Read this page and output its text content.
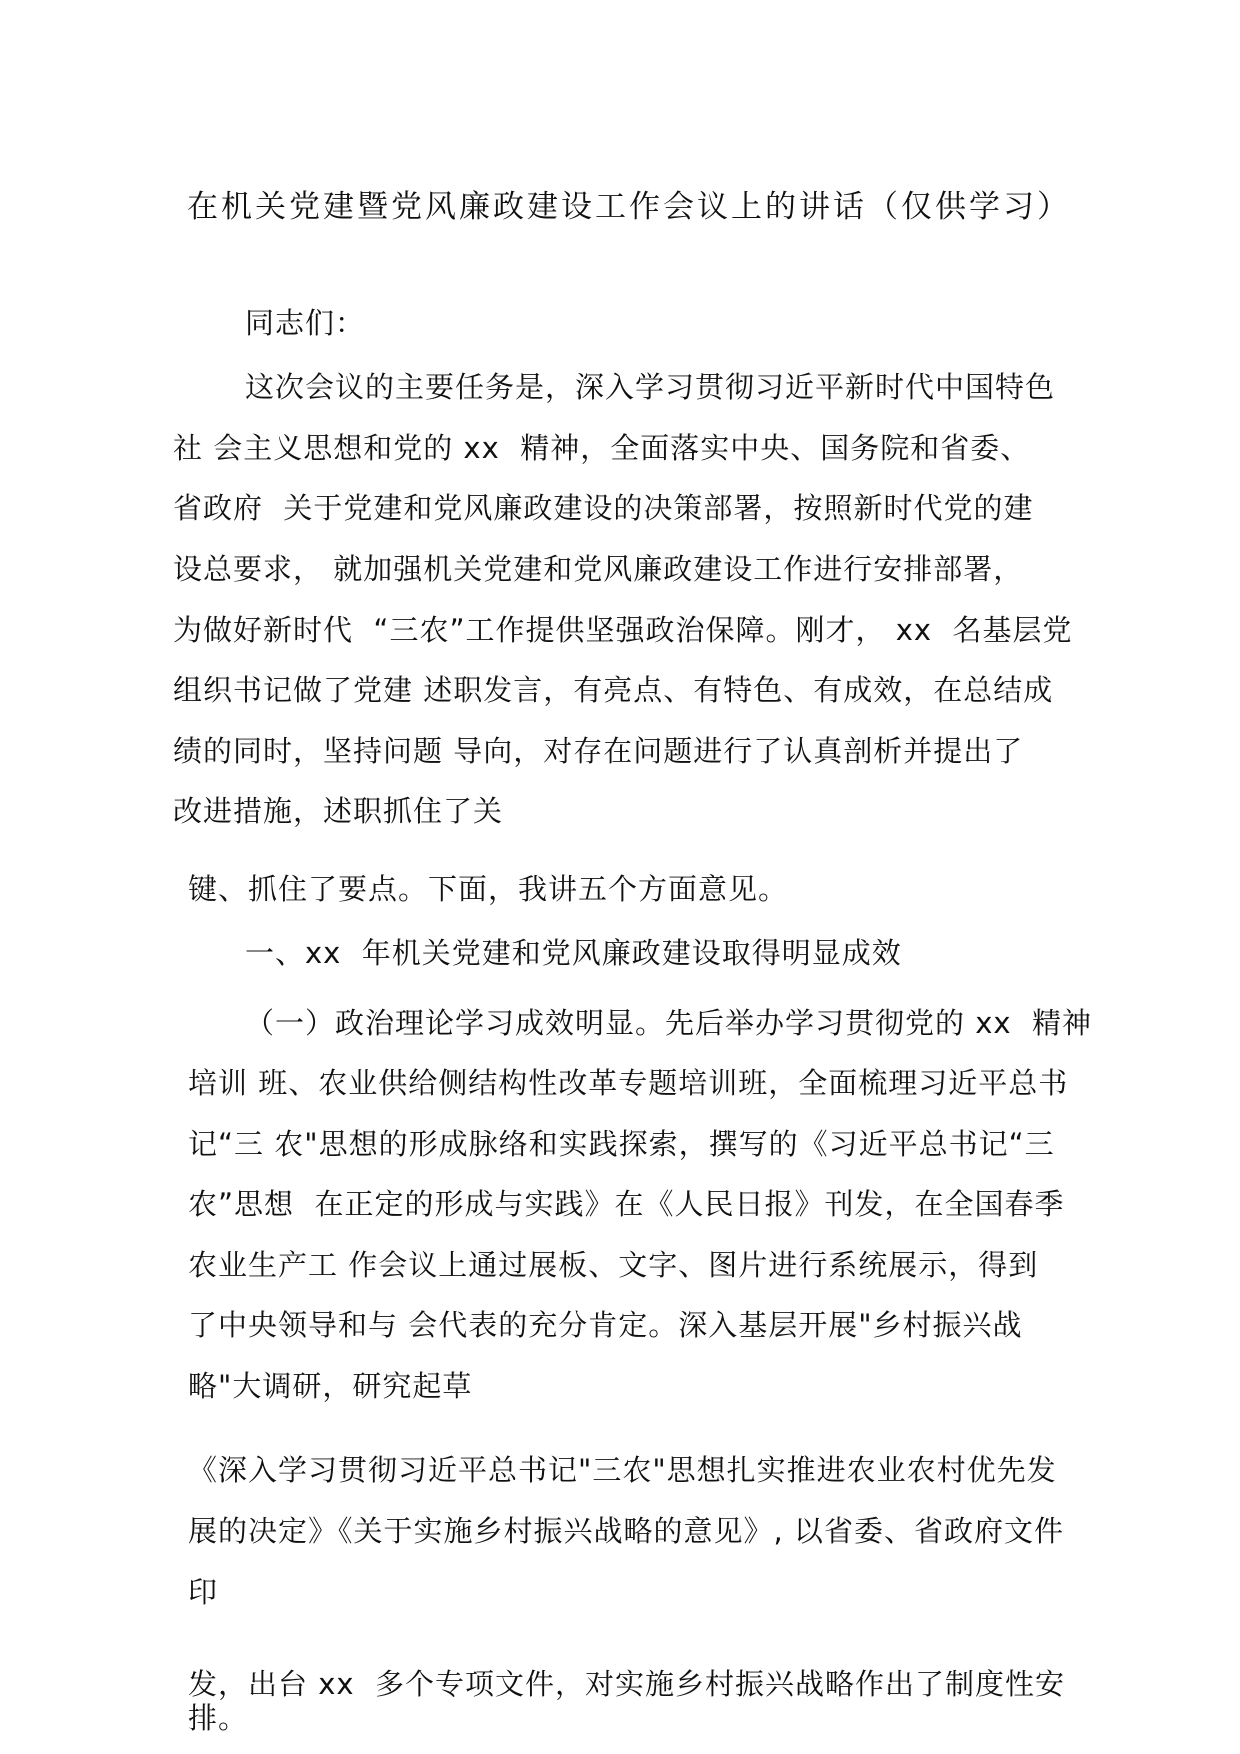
在机关党建暨党风廉政建设工作会议上的讲话（仅供学习）
同志们：
这次会议的主要任务是，深入学习贯彻习近平新时代中国特色
社 会主义思想和党的 xx  精神，全面落实中央、国务院和省委、
省政府  关于党建和党风廉政建设的决策部署，按照新时代党的建
设总要求， 就加强机关党建和党风廉政建设工作进行安排部署，
为做好新时代  “三农”工作提供坚强政治保障。刚才， xx  名基层党
组织书记做了党建 述职发言，有亮点、有特色、有成效，在总结成
绩的同时，坚持问题 导向，对存在问题进行了认真剖析并提出了
改进措施，述职抓住了关
键、抓住了要点。下面，我讲五个方面意见。
一、xx  年机关党建和党风廉政建设取得明显成效
（一）政治理论学习成效明显。先后举办学习贯彻党的 xx  精神
培训 班、农业供给侧结构性改革专题培训班，全面梳理习近平总书
记“三 农"思想的形成脉络和实践探索，撰写的《习近平总书记“三
农”思想  在正定的形成与实践》在《人民日报》刊发，在全国春季
农业生产工 作会议上通过展板、文字、图片进行系统展示，得到
了中央领导和与 会代表的充分肯定。深入基层开展"乡村振兴战
略"大调研，研究起草
《深入学习贯彻习近平总书记"三农"思想扎实推进农业农村优先发
展的决定》《关于实施乡村振兴战略的意见》, 以省委、省政府文件
印
发，出台 xx  多个专项文件，对实施乡村振兴战略作出了制度性安
排。
